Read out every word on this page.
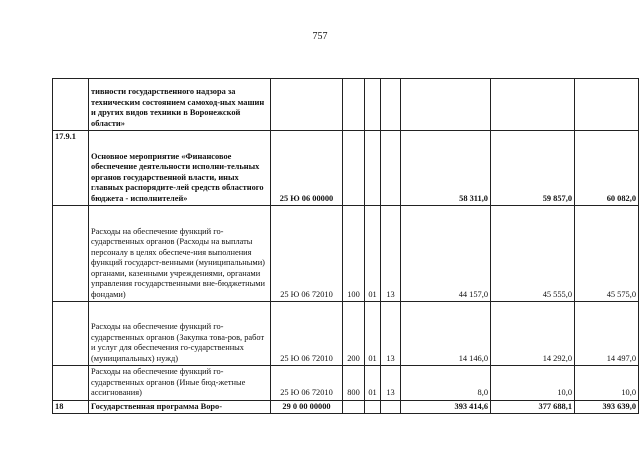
757
	тивности государственного надзора за техническим состоянием самоход-ных машин и других видов техники в Воронежской области»							
17.9.1	Основное мероприятие «Финансовое обеспечение деятельности исполни-тельных органов государственной власти, иных главных распорядите-лей средств областного бюджета - исполнителей»	25 Ю 06 00000				58 311,0	59 857,0	60 082,0
	Расходы на обеспечение функций го-сударственных органов (Расходы на выплаты персоналу в целях обеспече-ния выполнения функций государст-венными (муниципальными) органами, казенными учреждениями, органами управления государственными вне-бюджетными фондами)	25 Ю 06 72010	100	01	13	44 157,0	45 555,0	45 575,0
	Расходы на обеспечение функций го-сударственных органов (Закупка това-ров, работ и услуг для обеспечения го-сударственных (муниципальных) нужд)	25 Ю 06 72010	200	01	13	14 146,0	14 292,0	14 497,0
	Расходы на обеспечение функций го-сударственных органов (Иные бюд-жетные ассигнования)	25 Ю 06 72010	800	01	13	8,0	10,0	10,0
18	Государственная программа Воро-	29 0 00 00000				393 414,6	377 688,1	393 639,0
